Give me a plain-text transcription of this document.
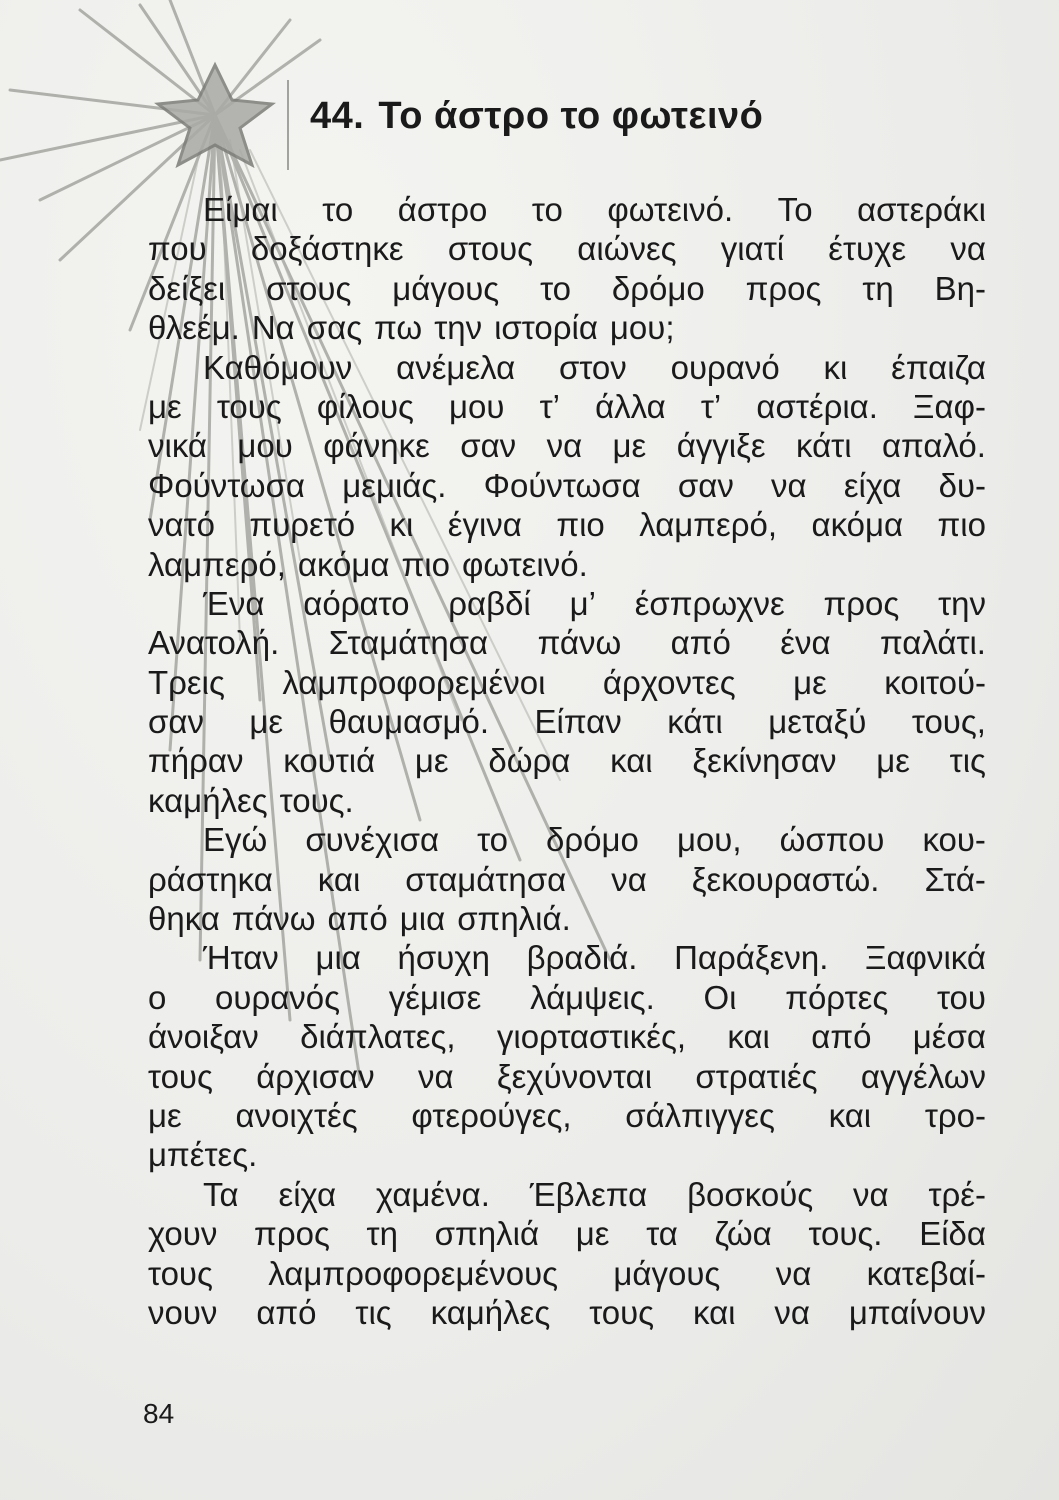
44. Το άστρο το φωτεινό
Είμαι το άστρο το φωτεινό. Το αστεράκι
που δοξάστηκε στους αιώνες γιατί έτυχε να
δείξει στους μάγους το δρόμο προς τη Βη-
θλεέμ. Να σας πω την ιστορία μου;
Καθόμουν ανέμελα στον ουρανό κι έπαιζα
με τους φίλους μου τ’ άλλα τ’ αστέρια. Ξαφ-
νικά μου φάνηκε σαν να με άγγιξε κάτι απαλό.
Φούντωσα μεμιάς. Φούντωσα σαν να είχα δυ-
νατό πυρετό κι έγινα πιο λαμπερό, ακόμα πιο
λαμπερό, ακόμα πιο φωτεινό.
Ένα αόρατο ραβδί μ’ έσπρωχνε προς την
Ανατολή. Σταμάτησα πάνω από ένα παλάτι.
Τρεις λαμπροφορεμένοι άρχοντες με κοιτού-
σαν με θαυμασμό. Είπαν κάτι μεταξύ τους,
πήραν κουτιά με δώρα και ξεκίνησαν με τις
καμήλες τους.
Εγώ συνέχισα το δρόμο μου, ώσπου κου-
ράστηκα και σταμάτησα να ξεκουραστώ. Στά-
θηκα πάνω από μια σπηλιά.
Ήταν μια ήσυχη βραδιά. Παράξενη. Ξαφνικά
ο ουρανός γέμισε λάμψεις. Οι πόρτες του
άνοιξαν διάπλατες, γιορταστικές, και από μέσα
τους άρχισαν να ξεχύνονται στρατιές αγγέλων
με ανοιχτές φτερούγες, σάλπιγγες και τρο-
μπέτες.
Τα είχα χαμένα. Έβλεπα βοσκούς να τρέ-
χουν προς τη σπηλιά με τα ζώα τους. Είδα
τους λαμπροφορεμένους μάγους να κατεβαί-
νουν από τις καμήλες τους και να μπαίνουν
84
